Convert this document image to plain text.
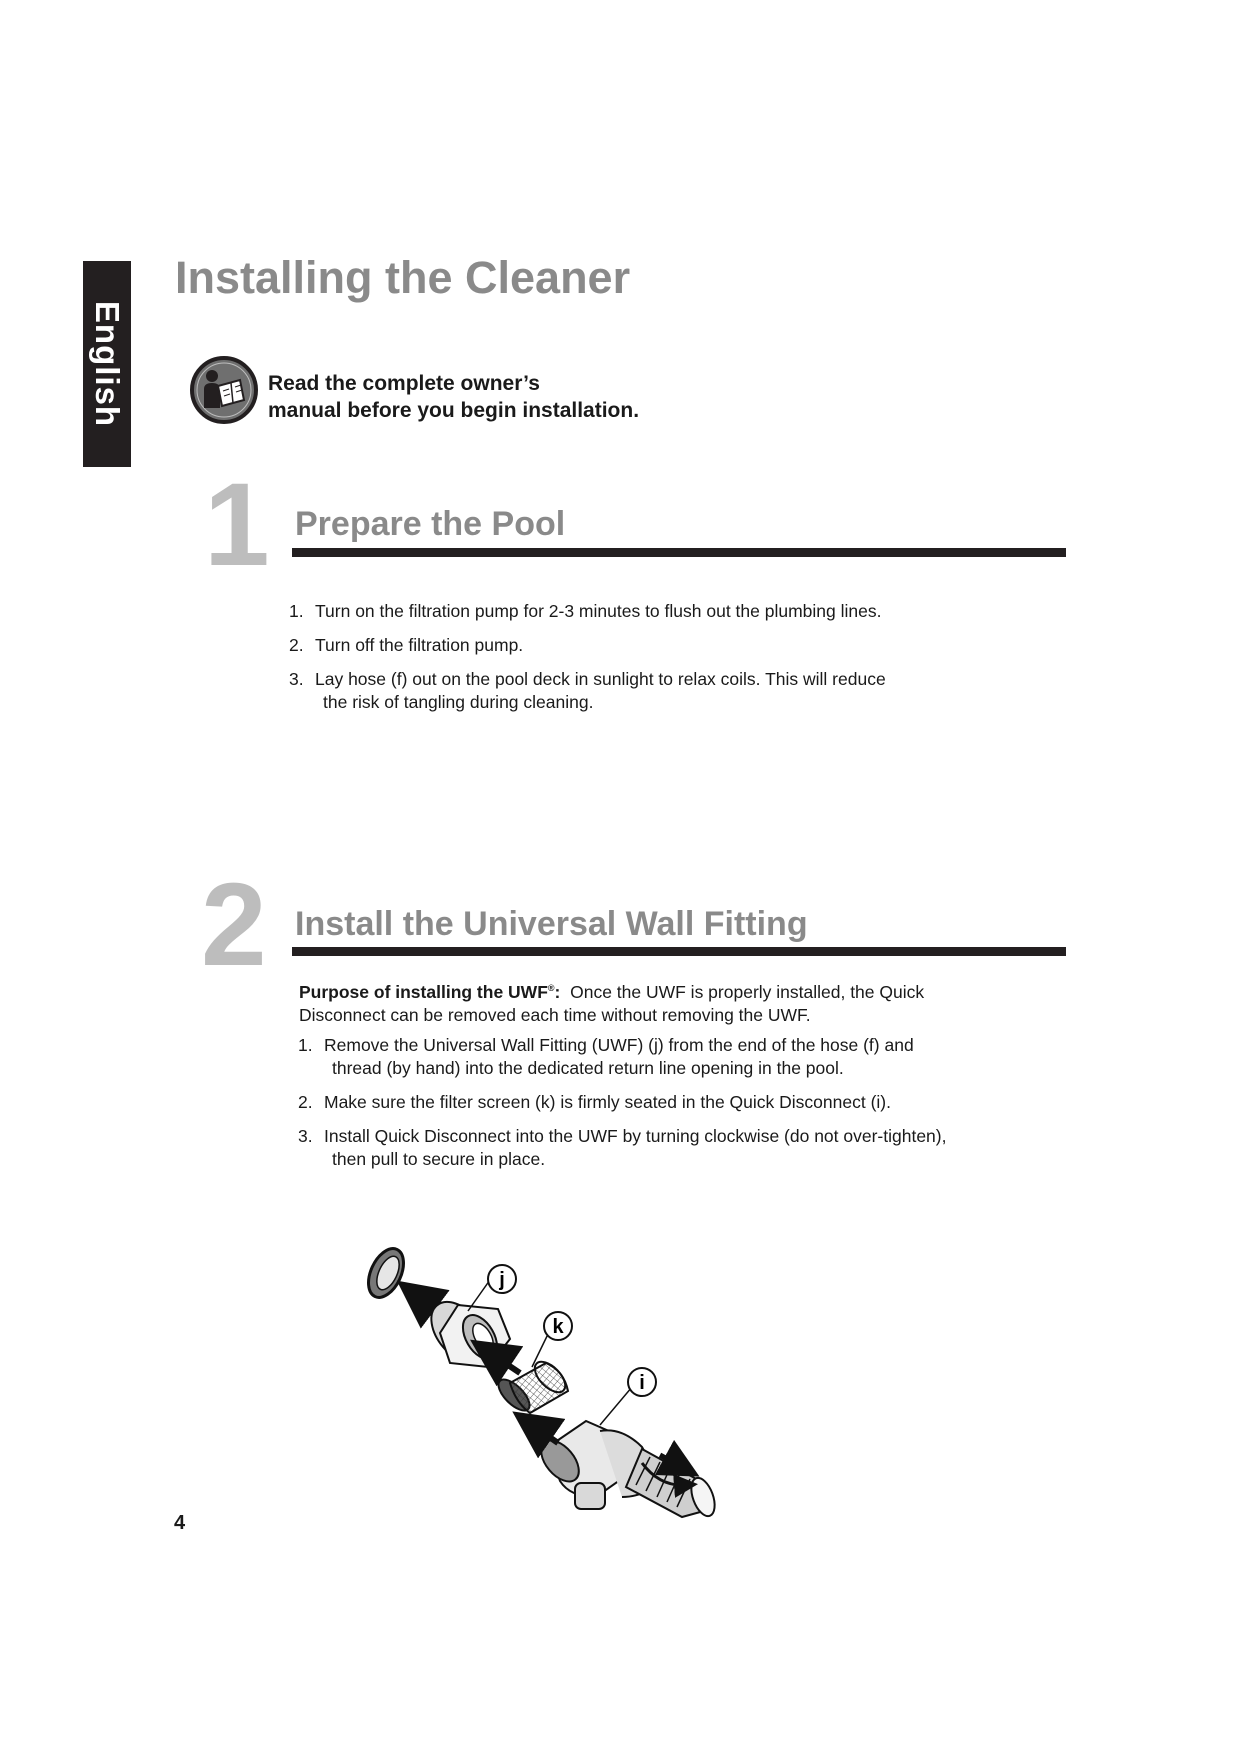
English
Installing the Cleaner

Read the complete owner’s
manual before you begin installation.

1 Prepare the Pool
1. Turn on the filtration pump for 2-3 minutes to flush out the plumbing lines.
2. Turn off the filtration pump.
3. Lay hose (f) out on the pool deck in sunlight to relax coils. This will reduce
the risk of tangling during cleaning.
2 Install the Universal Wall Fitting

Purpose of installing the UWF®: Once the UWF is properly installed, the Quick
Disconnect can be removed each time without removing the UWF.

1. Remove the Universal Wall Fitting (UWF) (j) from the end of the hose (f) and
thread (by hand) into the dedicated return line opening in the pool.
2. Make sure the filter screen (k) is firmly seated in the Quick Disconnect (i).
3. Install Quick Disconnect into the UWF by turning clockwise (do not over-tighten),
then pull to secure in place.
j
k
i

4
